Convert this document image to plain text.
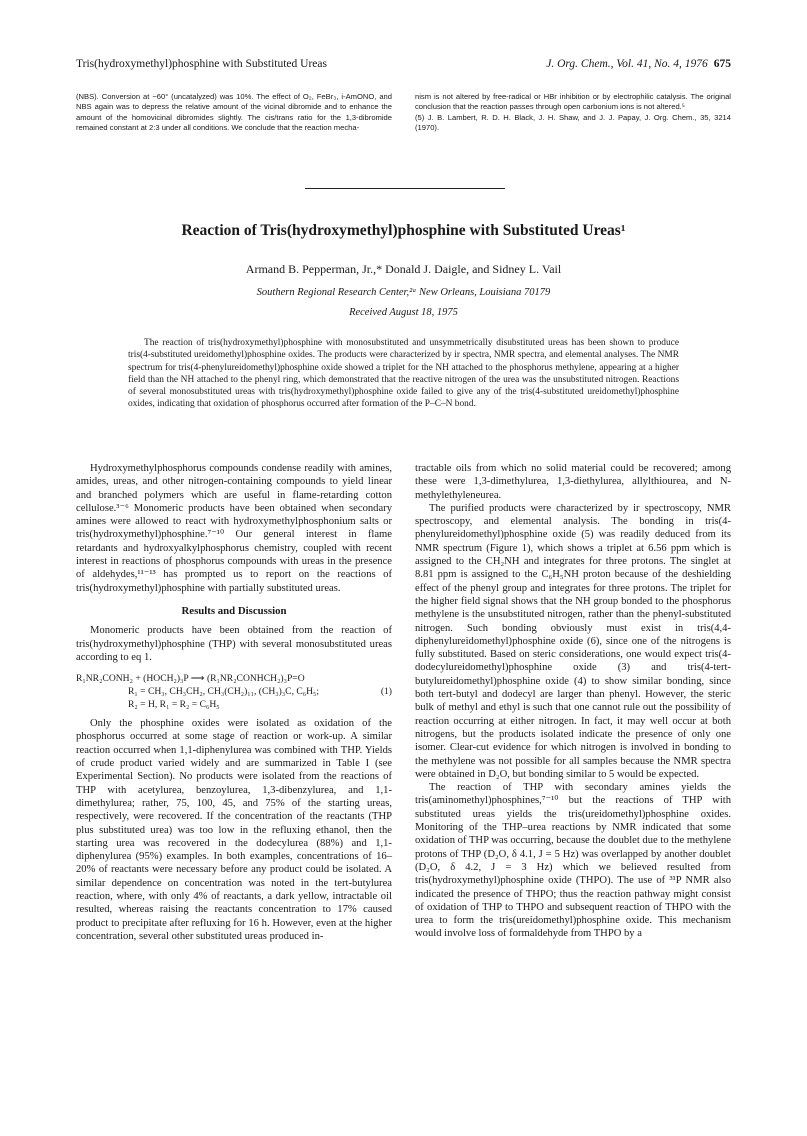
Tris(hydroxymethyl)phosphine with Substituted Ureas	J. Org. Chem., Vol. 41, No. 4, 1976 675

(NBS). Conversion at −60° (uncatalyzed) was 10%. The effect of O₂, FeBr₃, i-AmONO, and NBS again was to depress the relative amount of the vicinal dibromide and to enhance the amount of the homovicinal dibromides slightly. The cis/trans ratio for the 1,3-dibromide remained constant at 2:3 under all conditions. We conclude that the reaction mecha-

nism is not altered by free-radical or HBr inhibition or by electrophilic catalysis. The original conclusion that the reaction passes through open carbonium ions is not altered.⁵

(5) J. B. Lambert, R. D. H. Black, J. H. Shaw, and J. J. Papay, J. Org. Chem., 35, 3214 (1970).

Reaction of Tris(hydroxymethyl)phosphine with Substituted Ureas¹
Armand B. Pepperman, Jr.,* Donald J. Daigle, and Sidney L. Vail
Southern Regional Research Center,²ᵃ New Orleans, Louisiana 70179
Received August 18, 1975

The reaction of tris(hydroxymethyl)phosphine with monosubstituted and unsymmetrically disubstituted ureas has been shown to produce tris(4-substituted ureidomethyl)phosphine oxides. The products were characterized by ir spectra, NMR spectra, and elemental analyses. The NMR spectrum for tris(4-phenylureidomethyl)phosphine oxide showed a triplet for the NH attached to the phosphorus methylene, appearing at a higher field than the NH attached to the phenyl ring, which demonstrated that the reactive nitrogen of the urea was the unsubstituted nitrogen. Reactions of several monosubstituted ureas with tris(hydroxymethyl)phosphine oxide failed to give any of the tris(4-substituted ureidomethyl)phosphine oxides, indicating that oxidation of phosphorus occurred after formation of the P–C–N bond.

Hydroxymethylphosphorus compounds condense readily with amines, amides, ureas, and other nitrogen-containing compounds to yield linear and branched polymers which are useful in flame-retarding cotton cellulose.³⁻⁶ Monomeric products have been obtained when secondary amines were allowed to react with hydroxymethylphosphonium salts or tris(hydroxymethyl)phosphine.⁷⁻¹⁰ Our general interest in flame retardants and hydroxyalkylphosphorus chemistry, coupled with recent interest in reactions of phosphorus compounds with ureas in the presence of aldehydes,¹¹⁻¹³ has prompted us to report on the reactions of tris(hydroxymethyl)phosphine with partially substituted ureas.

Results and Discussion

Monomeric products have been obtained from the reaction of tris(hydroxymethyl)phosphine (THP) with several monosubstituted ureas according to eq 1.

R₁NR₂CONH₂ + (HOCH₂)₃P ⟶ (R₁NR₂CONHCH₂)₃P=O
R₁ = CH₃, CH₃CH₂, CH₃(CH₂)₁₁, (CH₃)₃C, C₆H₅;
R₂ = H, R₁ = R₂ = C₆H₅
(1)

Only the phosphine oxides were isolated as oxidation of the phosphorus occurred at some stage of reaction or work-up. A similar reaction occurred when 1,1-diphenylurea was combined with THP. Yields of crude product varied widely and are summarized in Table I (see Experimental Section). No products were isolated from the reactions of THP with acetylurea, benzoylurea, 1,3-dibenzylurea, and 1,1-dimethylurea; rather, 75, 100, 45, and 75% of the starting ureas, respectively, were recovered. If the concentration of the reactants (THP plus substituted urea) was too low in the refluxing ethanol, then the starting urea was recovered in the dodecylurea (88%) and 1,1-diphenylurea (95%) examples. In both examples, concentrations of 16–20% of reactants were necessary before any product could be isolated. A similar dependence on concentration was noted in the tert-butylurea reaction, where, with only 4% of reactants, a dark yellow, intractable oil resulted, whereas raising the reactants concentration to 17% caused product to precipitate after refluxing for 16 h. However, even at the higher concentration, several other substituted ureas produced in-

tractable oils from which no solid material could be recovered; among these were 1,3-dimethylurea, 1,3-diethylurea, allylthiourea, and N-methylethyleneurea.

The purified products were characterized by ir spectroscopy, NMR spectroscopy, and elemental analysis. The bonding in tris(4-phenylureidomethyl)phosphine oxide (5) was readily deduced from its NMR spectrum (Figure 1), which shows a triplet at 6.56 ppm which is assigned to the CH₂NH and integrates for three protons. The singlet at 8.81 ppm is assigned to the C₆H₅NH proton because of the deshielding effect of the phenyl group and integrates for three protons. The triplet for the higher field signal shows that the NH group bonded to the phosphorus methylene is the unsubstituted nitrogen, rather than the phenyl-substituted nitrogen. Such bonding obviously must exist in tris(4,4-diphenylureidomethyl)phosphine oxide (6), since one of the nitrogens is fully substituted. Based on steric considerations, one would expect tris(4-dodecylureidomethyl)phosphine oxide (3) and tris(4-tert-butylureidomethyl)phosphine oxide (4) to show similar bonding, since both tert-butyl and dodecyl are larger than phenyl. However, the steric bulk of methyl and ethyl is such that one cannot rule out the possibility of reaction occurring at either nitrogen. In fact, it may well occur at both nitrogens, but the products isolated indicate the presence of only one isomer. Clear-cut evidence for which nitrogen is involved in bonding to the methylene was not possible for all samples because the NMR spectra were obtained in D₂O, but bonding similar to 5 would be expected.

The reaction of THP with secondary amines yields the tris(aminomethyl)phosphines,⁷⁻¹⁰ but the reactions of THP with substituted ureas yields the tris(ureidomethyl)phosphine oxides. Monitoring of the THP–urea reactions by NMR indicated that some oxidation of THP was occurring, because the doublet due to the methylene protons of THP (D₂O, δ 4.1, J = 5 Hz) was overlapped by another doublet (D₂O, δ 4.2, J = 3 Hz) which we believed resulted from tris(hydroxymethyl)phosphine oxide (THPO). The use of ³¹P NMR also indicated the presence of THPO; thus the reaction pathway might consist of oxidation of THP to THPO and subsequent reaction of THPO with the urea to form the tris(ureidomethyl)phosphine oxide. This mechanism would involve loss of formaldehyde from THPO by a
